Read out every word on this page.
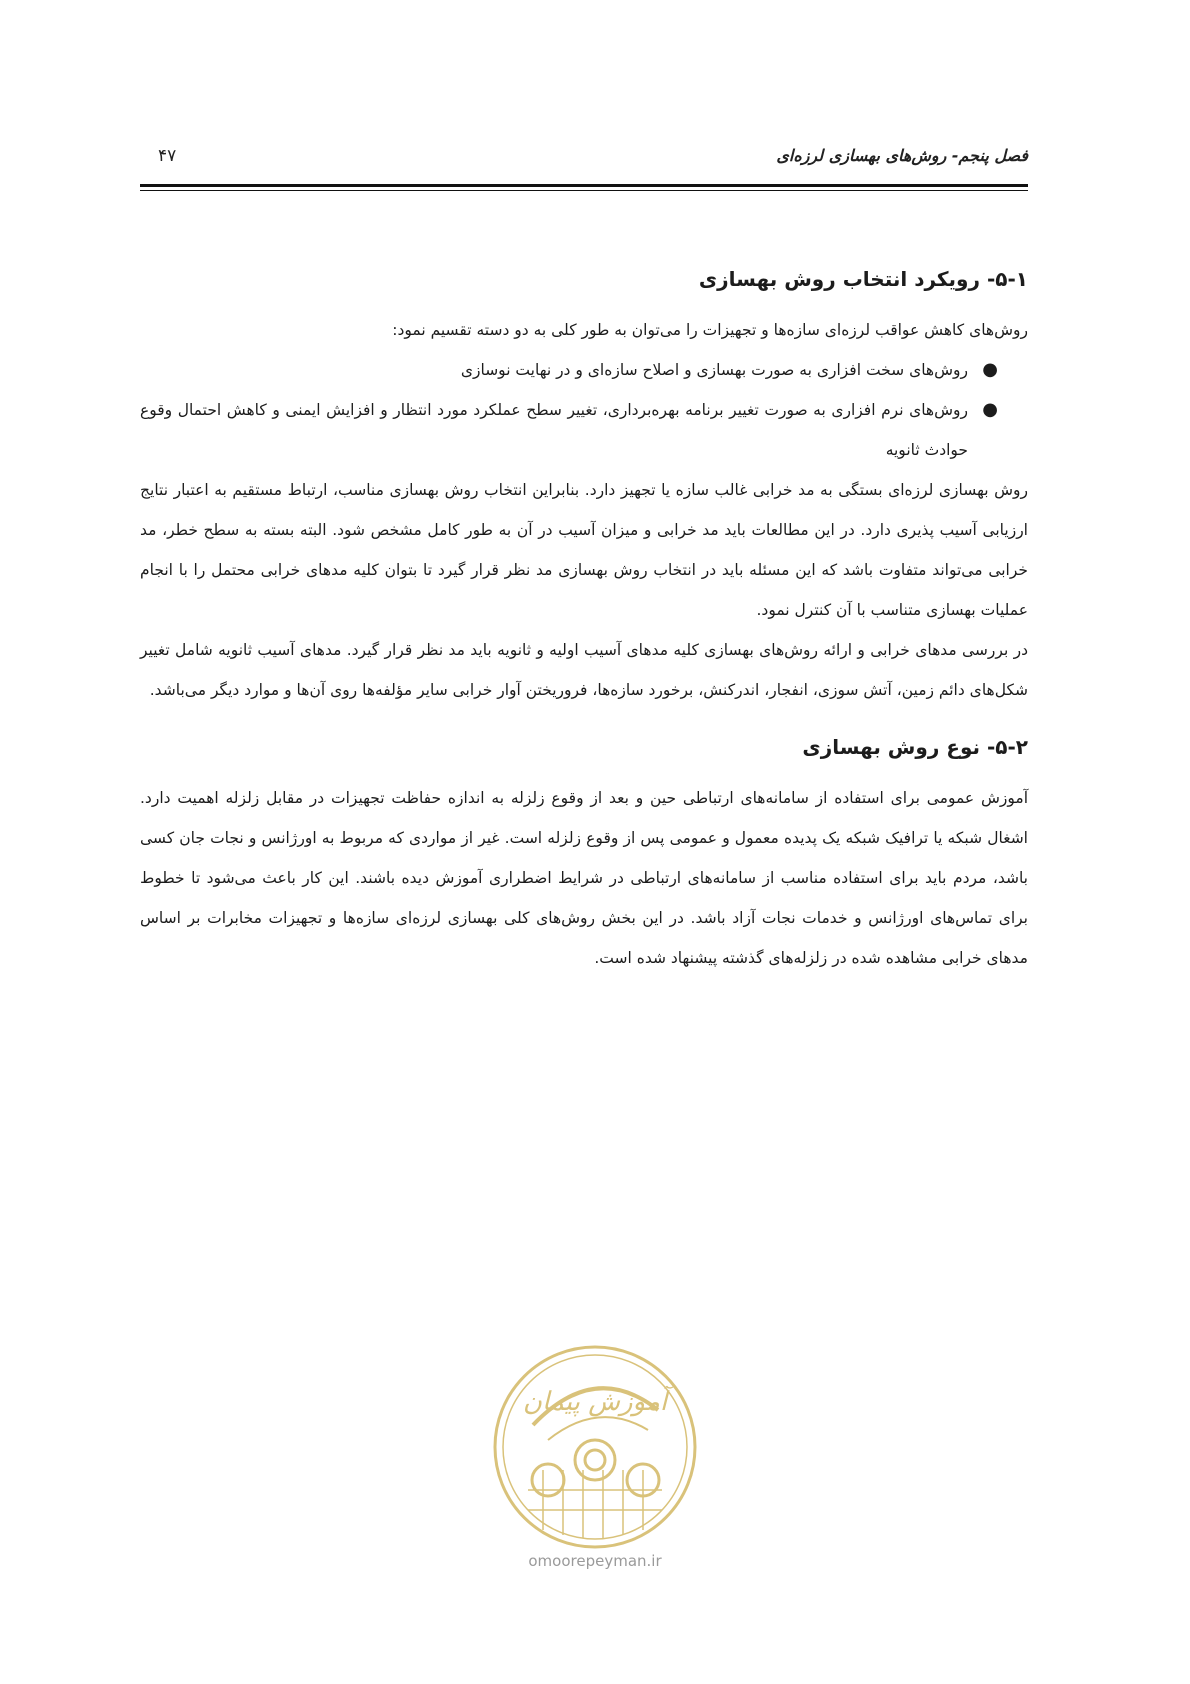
فصل پنجم- روش‌های بهسازی لرزه‌ای
۴۷
۵-۱- رویکرد انتخاب روش بهسازی

روش‌های کاهش عواقب لرزه‌ای سازه‌ها و تجهیزات را می‌توان به طور کلی به دو دسته تقسیم نمود:

●
روش‌های سخت افزاری به صورت بهسازی و اصلاح سازه‌ای و در نهایت نوسازی
●
روش‌های نرم افزاری به صورت تغییر برنامه بهره‌برداری، تغییر سطح عملکرد مورد انتظار و افزایش ایمنی و کاهش احتمال وقوع حوادث ثانویه

روش بهسازی لرزه‌ای بستگی به مد خرابی غالب سازه یا تجهیز دارد. بنابراین انتخاب روش بهسازی مناسب، ارتباط مستقیم به اعتبار نتایج ارزیابی آسیب پذیری دارد. در این مطالعات باید مد خرابی و میزان آسیب در آن به طور کامل مشخص شود. البته بسته به سطح خطر، مد خرابی می‌تواند متفاوت باشد که این مسئله باید در انتخاب روش بهسازی مد نظر قرار گیرد تا بتوان کلیه مدهای خرابی محتمل را با انجام عملیات بهسازی متناسب با آن کنترل نمود.

در بررسی مدهای خرابی و ارائه روش‌های بهسازی کلیه مدهای آسیب اولیه و ثانویه باید مد نظر قرار گیرد. مدهای آسیب ثانویه شامل تغییر شکل‌های دائم زمین، آتش سوزی، انفجار، اندرکنش، برخورد سازه‌ها، فروریختن آوار خرابی سایر مؤلفه‌ها روی آن‌ها و موارد دیگر می‌باشد.

۵-۲- نوع روش بهسازی

آموزش عمومی برای استفاده از سامانه‌های ارتباطی حین و بعد از وقوع زلزله به اندازه حفاظت تجهیزات در مقابل زلزله اهمیت دارد. اشغال شبکه یا ترافیک شبکه یک پدیده معمول و عمومی پس از وقوع زلزله است. غیر از مواردی که مربوط به اورژانس و نجات جان کسی باشد، مردم باید برای استفاده مناسب از سامانه‌های ارتباطی در شرایط اضطراری آموزش دیده باشند. این کار باعث می‌شود تا خطوط برای تماس‌های اورژانس و خدمات نجات آزاد باشد. در این بخش روش‌های کلی بهسازی لرزه‌ای سازه‌ها و تجهیزات مخابرات بر اساس مدهای خرابی مشاهده شده در زلزله‌های گذشته پیشنهاد شده است.

آموزش پیمان
omoorepeyman.ir
